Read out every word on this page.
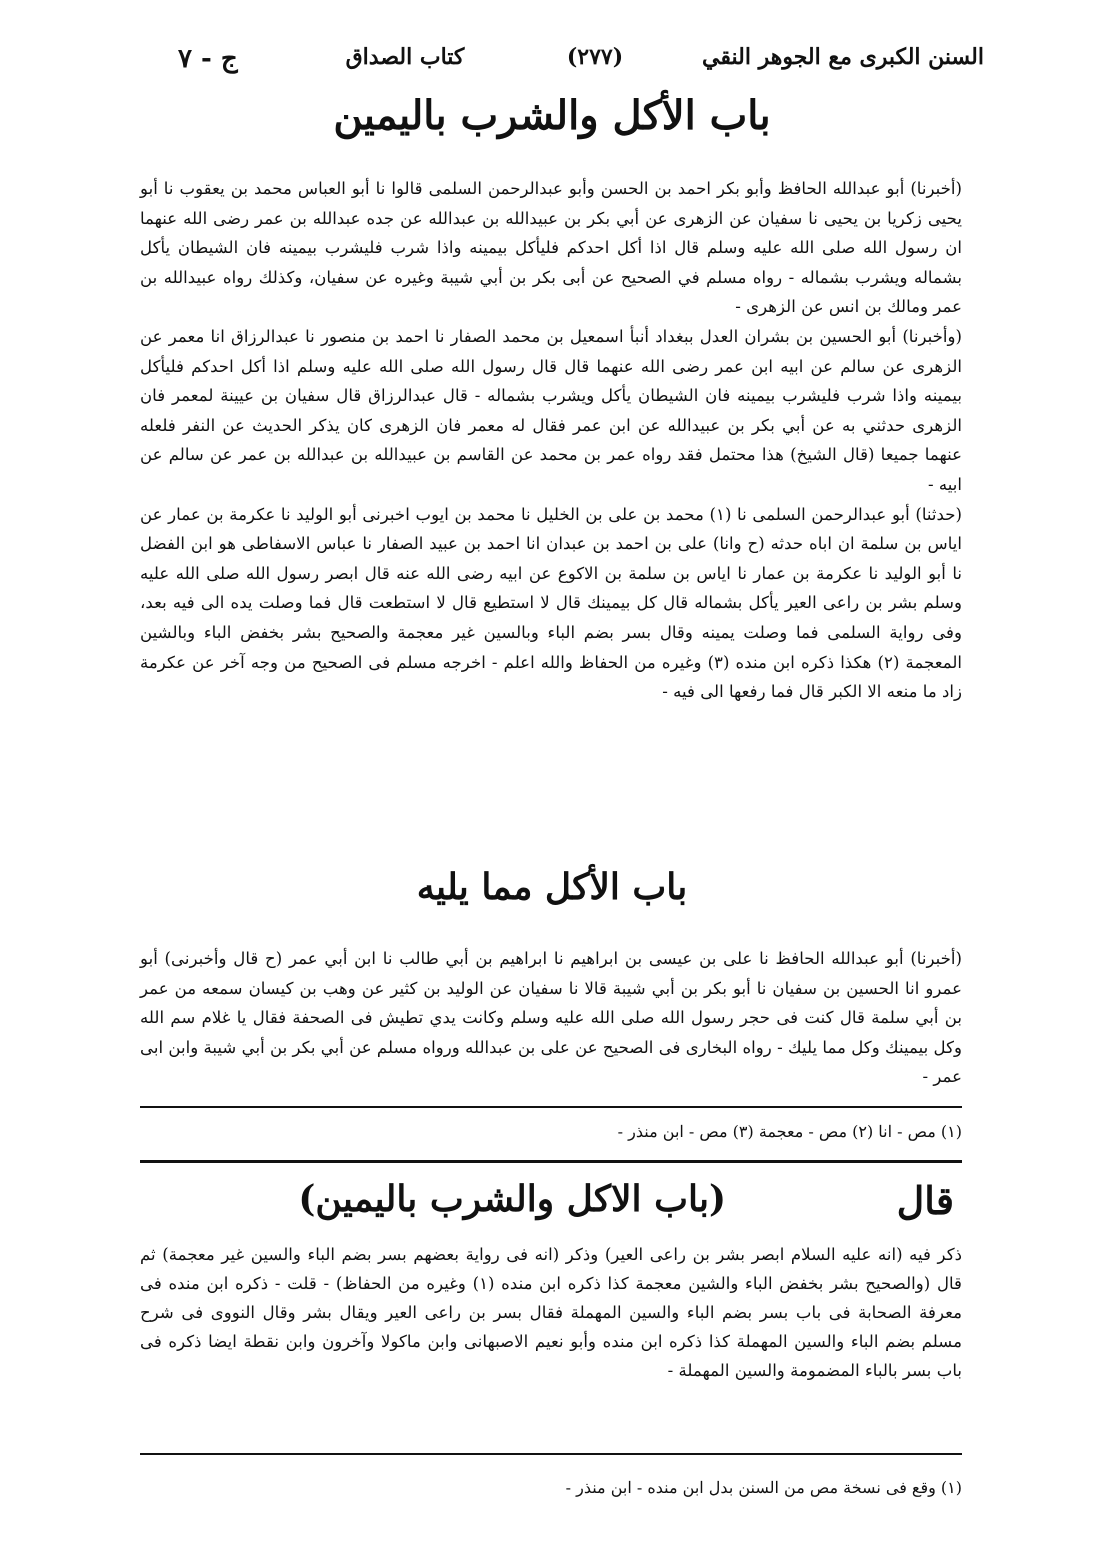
السنن الكبرى مع الجوهر النقي
(٢٧٧)
كتاب الصداق
ج - ٧
باب الأكل والشرب باليمين

(أخبرنا) أبو عبدالله الحافظ وأبو بكر احمد بن الحسن وأبو عبدالرحمن السلمى قالوا نا أبو العباس محمد بن يعقوب نا أبو يحيى زكريا بن يحيى نا سفيان عن الزهرى عن أبي بكر بن عبيدالله بن عبدالله عن جده عبدالله بن عمر رضى الله عنهما ان رسول الله صلى الله عليه وسلم قال اذا أكل احدكم فليأكل بيمينه واذا شرب فليشرب بيمينه فان الشيطان يأكل بشماله ويشرب بشماله - رواه مسلم في الصحيح عن أبى بكر بن أبي شيبة وغيره عن سفيان، وكذلك رواه عبيدالله بن عمر ومالك بن انس عن الزهرى -

(وأخبرنا) أبو الحسين بن بشران العدل ببغداد أنبأ اسمعيل بن محمد الصفار نا احمد بن منصور نا عبدالرزاق انا معمر عن الزهرى عن سالم عن ابيه ابن عمر رضى الله عنهما قال قال رسول الله صلى الله عليه وسلم اذا أكل احدكم فليأكل بيمينه واذا شرب فليشرب بيمينه فان الشيطان يأكل ويشرب بشماله - قال عبدالرزاق قال سفيان بن عيينة لمعمر فان الزهرى حدثني به عن أبي بكر بن عبيدالله عن ابن عمر فقال له معمر فان الزهرى كان يذكر الحديث عن النفر فلعله عنهما جميعا (قال الشيخ) هذا محتمل فقد رواه عمر بن محمد عن القاسم بن عبيدالله بن عبدالله بن عمر عن سالم عن ابيه -

(حدثنا) أبو عبدالرحمن السلمى نا (١) محمد بن على بن الخليل نا محمد بن ايوب اخبرنى أبو الوليد نا عكرمة بن عمار عن اياس بن سلمة ان اباه حدثه (ح وانا) على بن احمد بن عبدان انا احمد بن عبيد الصفار نا عباس الاسفاطى هو ابن الفضل نا أبو الوليد نا عكرمة بن عمار نا اياس بن سلمة بن الاكوع عن ابيه رضى الله عنه قال ابصر رسول الله صلى الله عليه وسلم بشر بن راعى العير يأكل بشماله قال كل بيمينك قال لا استطيع قال لا استطعت قال فما وصلت يده الى فيه بعد، وفى رواية السلمى فما وصلت يمينه وقال بسر بضم الباء وبالسين غير معجمة والصحيح بشر بخفض الباء وبالشين المعجمة (٢) هكذا ذكره ابن منده (٣) وغيره من الحفاظ والله اعلم - اخرجه مسلم فى الصحيح من وجه آخر عن عكرمة زاد ما منعه الا الكبر قال فما رفعها الى فيه -

باب الأكل مما يليه

(أخبرنا) أبو عبدالله الحافظ نا على بن عيسى بن ابراهيم نا ابراهيم بن أبي طالب نا ابن أبي عمر (ح قال وأخبرنى) أبو عمرو انا الحسين بن سفيان نا أبو بكر بن أبي شيبة قالا نا سفيان عن الوليد بن كثير عن وهب بن كيسان سمعه من عمر بن أبي سلمة قال كنت فى حجر رسول الله صلى الله عليه وسلم وكانت يدي تطيش فى الصحفة فقال يا غلام سم الله وكل بيمينك وكل مما يليك - رواه البخارى فى الصحيح عن على بن عبدالله ورواه مسلم عن أبي بكر بن أبي شيبة وابن ابى عمر -

(١) مص - انا (٢) مص - معجمة (٣) مص - ابن منذر -
قال
(باب الاكل والشرب باليمين)

ذكر فيه (انه عليه السلام ابصر بشر بن راعى العير) وذكر (انه فى رواية بعضهم بسر بضم الباء والسين غير معجمة) ثم قال (والصحيح بشر بخفض الباء والشين معجمة كذا ذكره ابن منده (١) وغيره من الحفاظ) - قلت - ذكره ابن منده فى معرفة الصحابة فى باب بسر بضم الباء والسين المهملة فقال بسر بن راعى العير ويقال بشر وقال النووى فى شرح مسلم بضم الباء والسين المهملة كذا ذكره ابن منده وأبو نعيم الاصبهانى وابن ماكولا وآخرون وابن نقطة ايضا ذكره فى باب بسر بالباء المضمومة والسين المهملة -

(١) وقع فى نسخة مص من السنن بدل ابن منده - ابن منذر -
